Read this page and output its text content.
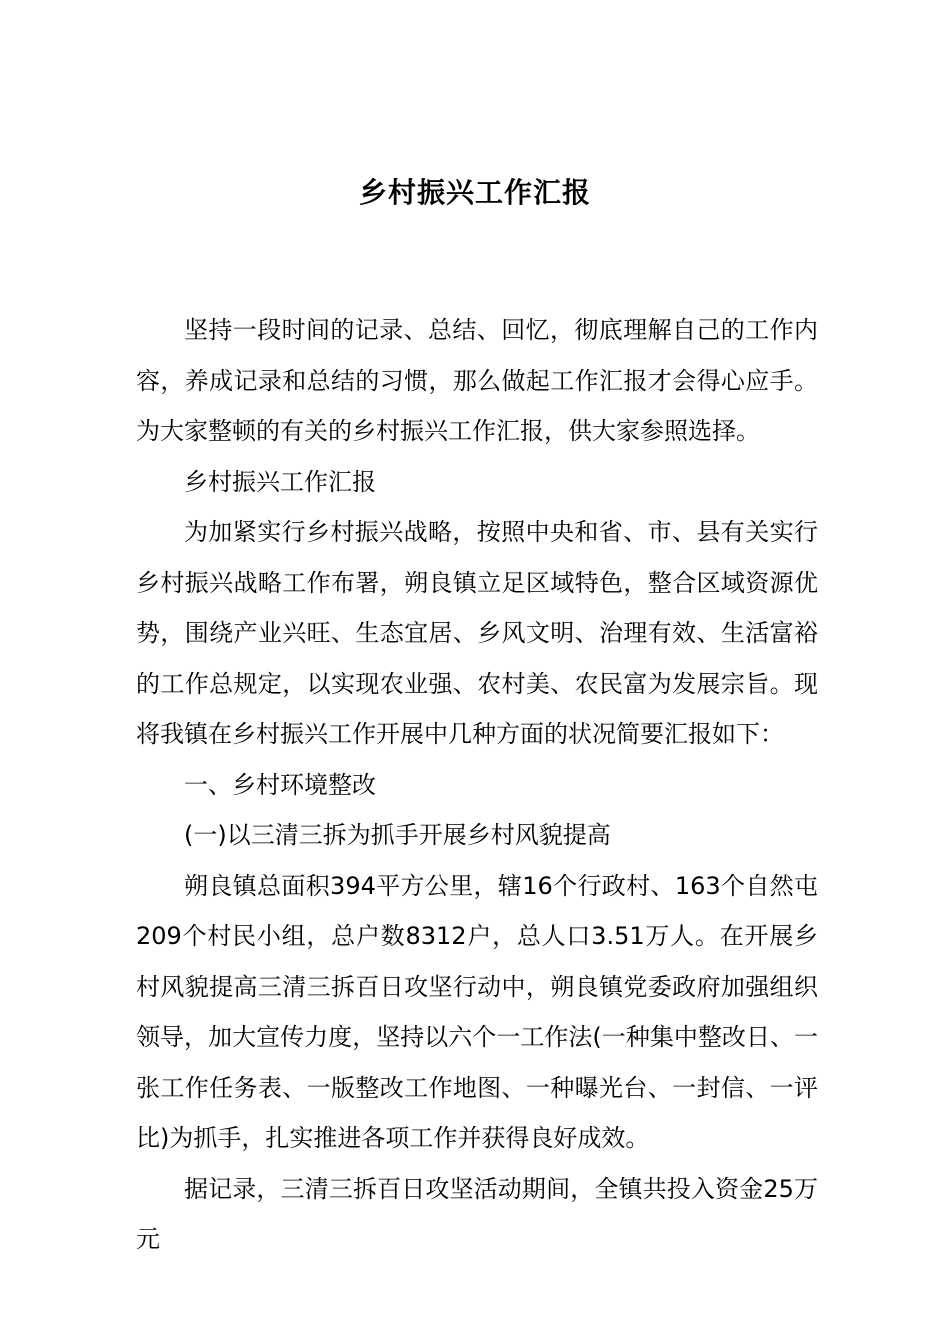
乡村振兴工作汇报

坚持一段时间的记录、总结、回忆，彻底理解自己的工作内容，养成记录和总结的习惯，那么做起工作汇报才会得心应手。为大家整顿的有关的乡村振兴工作汇报，供大家参照选择。

乡村振兴工作汇报

为加紧实行乡村振兴战略，按照中央和省、市、县有关实行乡村振兴战略工作布署，朔良镇立足区域特色，整合区域资源优势，围绕产业兴旺、生态宜居、乡风文明、治理有效、生活富裕的工作总规定，以实现农业强、农村美、农民富为发展宗旨。现将我镇在乡村振兴工作开展中几种方面的状况简要汇报如下：

一、乡村环境整改

(一)以三清三拆为抓手开展乡村风貌提高

朔良镇总面积394平方公里，辖16个行政村、163个自然屯209个村民小组，总户数8312户，总人口3.51万人。在开展乡村风貌提高三清三拆百日攻坚行动中，朔良镇党委政府加强组织领导，加大宣传力度，坚持以六个一工作法(一种集中整改日、一张工作任务表、一版整改工作地图、一种曝光台、一封信、一评比)为抓手，扎实推进各项工作并获得良好成效。

据记录，三清三拆百日攻坚活动期间，全镇共投入资金25万元
